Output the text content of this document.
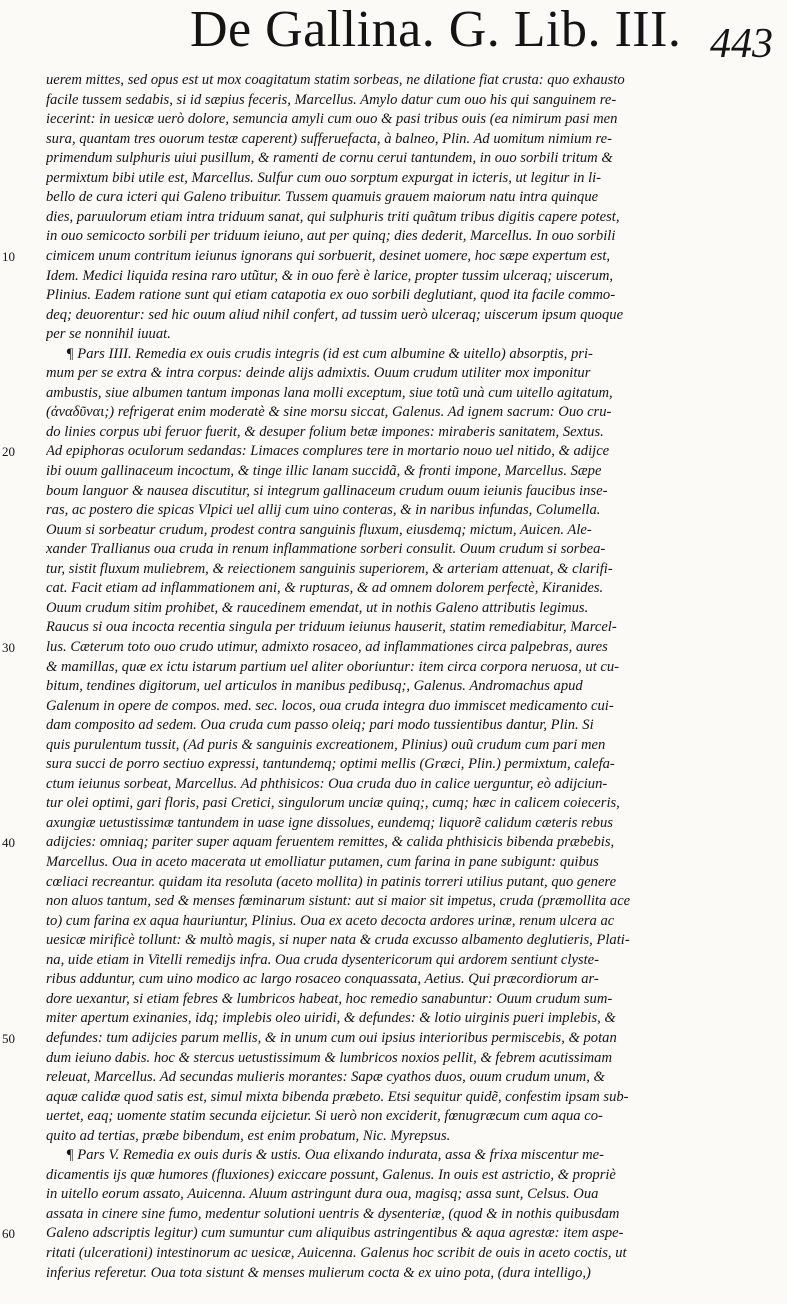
De Gallina. G. Lib. III. 443
uerem mittes, sed opus est ut mox coagitatum statim sorbeas, ne dilatione fiat crusta: quo exhausto
facile tussem sedabis, si id sæpius feceris, Marcellus. Amylo datur cum ouo his qui sanguinem re-
iecerint: in uesicæ uerò dolore, semuncia amyli cum ouo & pasi tribus ouis (ea nimirum pasi men
sura, quantam tres ouorum testæ caperent) sufferuefacta, à balneo, Plin. Ad uomitum nimium re-
primendum sulphuris uiui pusillum, & ramenti de cornu cerui tantundem, in ouo sorbili tritum &
permixtum bibi utile est, Marcellus. Sulfur cum ouo sorptum expurgat in icteris, ut legitur in li-
bello de cura icteri qui Galeno tribuitur. Tussem quamuis grauem maiorum natu intra quinque
dies, paruulorum etiam intra triduum sanat, qui sulphuris triti quãtum tribus digitis capere potest,
in ouo semicocto sorbili per triduum ieiuno, aut per quinq; dies dederit, Marcellus. In ouo sorbili
cimicem unum contritum ieiunus ignorans qui sorbuerit, desinet uomere, hoc sæpe expertum est,
10
Idem. Medici liquida resina raro utũtur, & in ouo ferè è larice, propter tussim ulceraq; uiscerum,
Plinius. Eadem ratione sunt qui etiam catapotia ex ouo sorbili deglutiant, quod ita facile commo-
deq; deuorentur: sed hic ouum aliud nihil confert, ad tussim uerò ulceraq; uiscerum ipsum quoque
per se nonnihil iuuat.
¶ Pars IIII. Remedia ex ouis crudis integris (id est cum albumine & uitello) absorptis, pri-
mum per se extra & intra corpus: deinde alijs admixtis. Ouum crudum utiliter mox imponitur
ambustis, siue albumen tantum imponas lana molli exceptum, siue totũ unà cum uitello agitatum,
(ἀναδῦναι;) refrigerat enim moderatè & sine morsu siccat, Galenus. Ad ignem sacrum: Ouo cru-
do linies corpus ubi feruor fuerit, & desuper folium betæ impones: miraberis sanitatem, Sextus.
Ad epiphoras oculorum sedandas: Limaces complures tere in mortario nouo uel nitido, & adijce
20
ibi ouum gallinaceum incoctum, & tinge illic lanam succidã, & fronti impone, Marcellus. Sæpe
boum languor & nausea discutitur, si integrum gallinaceum crudum ouum ieiunis faucibus inse-
ras, ac postero die spicas Vlpici uel allij cum uino conteras, & in naribus infundas, Columella.
Ouum si sorbeatur crudum, prodest contra sanguinis fluxum, eiusdemq; mictum, Auicen. Ale-
xander Trallianus oua cruda in renum inflammatione sorberi consulit. Ouum crudum si sorbea-
tur, sistit fluxum muliebrem, & reiectionem sanguinis superiorem, & arteriam attenuat, & clarifi-
cat. Facit etiam ad inflammationem ani, & rupturas, & ad omnem dolorem perfectè, Kiranides.
Ouum crudum sitim prohibet, & raucedinem emendat, ut in nothis Galeno attributis legimus.
Raucus si oua incocta recentia singula per triduum ieiunus hauserit, statim remediabitur, Marcel-
lus. Cæterum toto ouo crudo utimur, admixto rosaceo, ad inflammationes circa palpebras, aures
30
& mamillas, quæ ex ictu istarum partium uel aliter oboriuntur: item circa corpora neruosa, ut cu-
bitum, tendines digitorum, uel articulos in manibus pedibusq;, Galenus. Andromachus apud
Galenum in opere de compos. med. sec. locos, oua cruda integra duo immiscet medicamento cui-
dam composito ad sedem. Oua cruda cum passo oleiq; pari modo tussientibus dantur, Plin. Si
quis purulentum tussit, (Ad puris & sanguinis excreationem, Plinius) ouũ crudum cum pari men
sura succi de porro sectiuo expressi, tantundemq; optimi mellis (Græci, Plin.) permixtum, calefa-
ctum ieiunus sorbeat, Marcellus. Ad phthisicos: Oua cruda duo in calice uerguntur, eò adijciun-
tur olei optimi, gari floris, pasi Cretici, singulorum unciæ quinq;, cumq; hæc in calicem coieceris,
axungiæ uetustissimæ tantundem in uase igne dissolues, eundemq; liquorẽ calidum cæteris rebus
adijcies: omniaq; pariter super aquam feruentem remittes, & calida phthisicis bibenda præbebis,
40
Marcellus. Oua in aceto macerata ut emolliatur putamen, cum farina in pane subigunt: quibus
cœliaci recreantur. quidam ita resoluta (aceto mollita) in patinis torreri utilius putant, quo genere
non aluos tantum, sed & menses fœminarum sistunt: aut si maior sit impetus, cruda (præmollita ace
to) cum farina ex aqua hauriuntur, Plinius. Oua ex aceto decocta ardores urinæ, renum ulcera ac
uesicæ mirificè tollunt: & multò magis, si nuper nata & cruda excusso albamento deglutieris, Plati-
na, uide etiam in Vitelli remedijs infra. Oua cruda dysentericorum qui ardorem sentiunt clyste-
ribus adduntur, cum uino modico ac largo rosaceo conquassata, Aetius. Qui præcordiorum ar-
dore uexantur, si etiam febres & lumbricos habeat, hoc remedio sanabuntur: Ouum crudum sum-
miter apertum exinanies, idq; implebis oleo uiridi, & defundes: & lotio uirginis pueri implebis, &
defundes: tum adijcies parum mellis, & in unum cum oui ipsius interioribus permiscebis, & potan
50
dum ieiuno dabis. hoc & stercus uetustissimum & lumbricos noxios pellit, & febrem acutissimam
releuat, Marcellus. Ad secundas mulieris morantes: Sapæ cyathos duos, ouum crudum unum, &
aquæ calidæ quod satis est, simul mixta bibenda præbeto. Etsi sequitur quidẽ, confestim ipsam sub-
uertet, eaq; uomente statim secunda eijcietur. Si uerò non exciderit, fœnugræcum cum aqua co-
quito ad tertias, præbe bibendum, est enim probatum, Nic. Myrepsus.
¶ Pars V. Remedia ex ouis duris & ustis. Oua elixando indurata, assa & frixa miscentur me-
dicamentis ijs quæ humores (fluxiones) exiccare possunt, Galenus. In ouis est astrictio, & propriè
in uitello eorum assato, Auicenna. Aluum astringunt dura oua, magisq; assa sunt, Celsus. Oua
assata in cinere sine fumo, medentur solutioni uentris & dysenteriæ, (quod & in nothis quibusdam
Galeno adscriptis legitur) cum sumuntur cum aliquibus astringentibus & aqua agrestæ: item aspe-
60
ritati (ulcerationi) intestinorum ac uesicæ, Auicenna. Galenus hoc scribit de ouis in aceto coctis, ut
inferius referetur. Oua tota sistunt & menses mulierum cocta & ex uino pota, (dura intelligo,)
